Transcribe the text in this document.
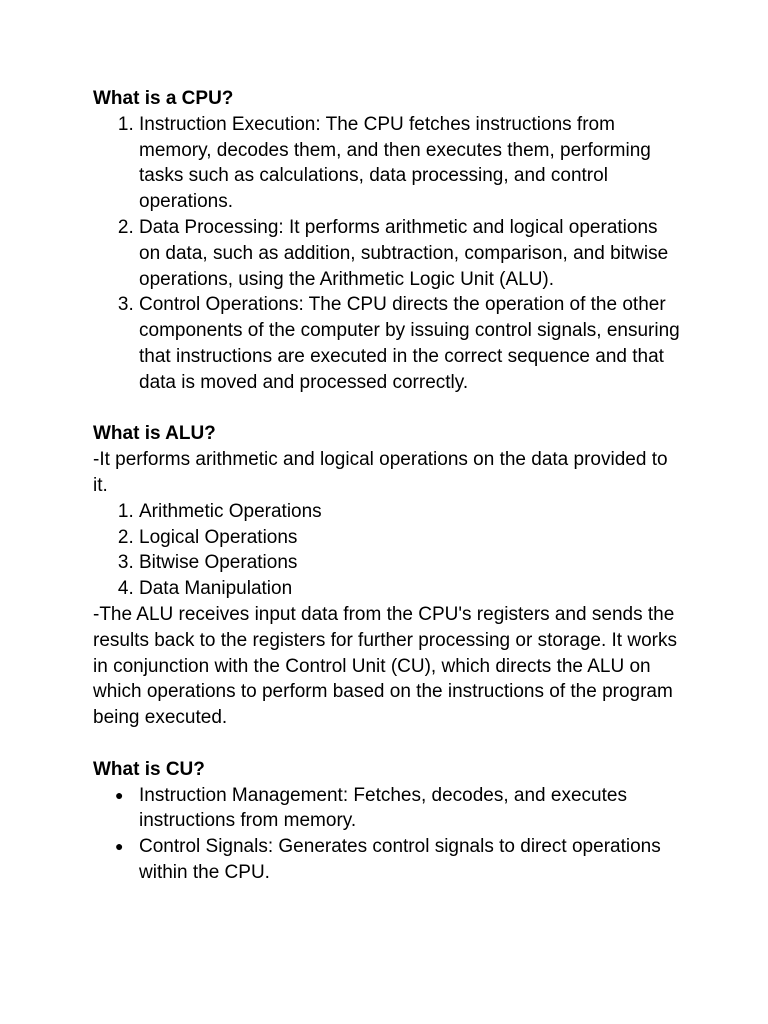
What is a CPU?

1. Instruction Execution: The CPU fetches instructions from memory, decodes them, and then executes them, performing tasks such as calculations, data processing, and control operations.
2. Data Processing: It performs arithmetic and logical operations on data, such as addition, subtraction, comparison, and bitwise operations, using the Arithmetic Logic Unit (ALU).
3. Control Operations: The CPU directs the operation of the other components of the computer by issuing control signals, ensuring that instructions are executed in the correct sequence and that data is moved and processed correctly.

What is ALU?

-It performs arithmetic and logical operations on the data provided to it.

1. Arithmetic Operations
2. Logical Operations
3. Bitwise Operations
4. Data Manipulation

-The ALU receives input data from the CPU's registers and sends the results back to the registers for further processing or storage. It works in conjunction with the Control Unit (CU), which directs the ALU on which operations to perform based on the instructions of the program being executed.

What is CU?

● Instruction Management: Fetches, decodes, and executes instructions from memory.
● Control Signals: Generates control signals to direct operations within the CPU.
